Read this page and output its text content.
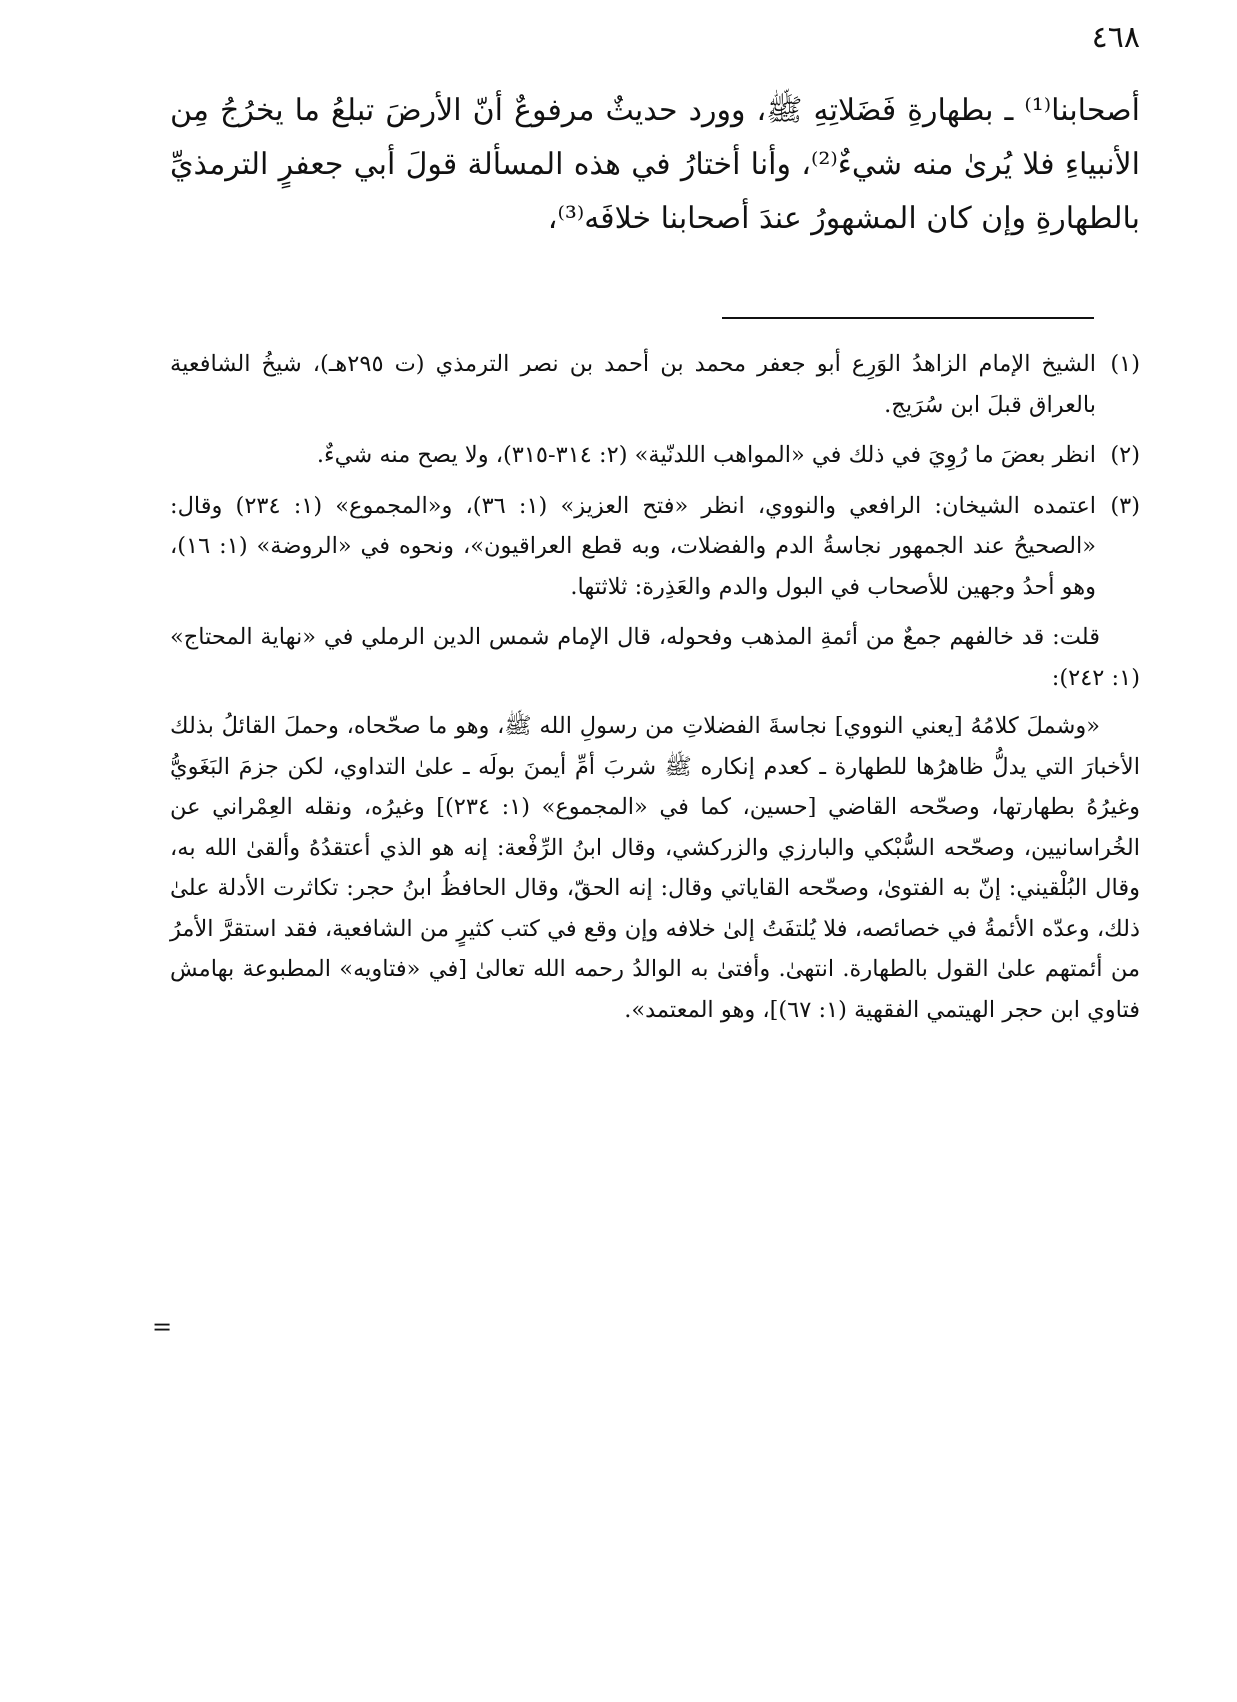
٤٦٨

أصحابنا⁽¹⁾ ـ بطهارةِ فَضَلاتِهِ ﷺ، وورد حديثٌ مرفوعٌ أنّ الأرضَ تبلعُ ما يخرُجُ مِن الأنبياءِ فلا يُرىٰ منه شيءٌ⁽²⁾، وأنا أختارُ في هذه المسألة قولَ أبي جعفرٍ الترمذيِّ بالطهارةِ وإن كان المشهورُ عندَ أصحابنا خلافَه⁽³⁾،

(١)
الشيخ الإمام الزاهدُ الوَرِع أبو جعفر محمد بن أحمد بن نصر الترمذي (ت ٢٩٥هـ)، شيخُ الشافعية بالعراق قبلَ ابن سُرَيج.
(٢)
انظر بعضَ ما رُوِيَ في ذلك في «المواهب اللدنّية» (٢: ٣١٤-٣١٥)، ولا يصح منه شيءٌ.
(٣)
اعتمده الشيخان: الرافعي والنووي، انظر «فتح العزيز» (١: ٣٦)، و«المجموع» (١: ٢٣٤) وقال: «الصحيحُ عند الجمهور نجاسةُ الدم والفضلات، وبه قطع العراقيون»، ونحوه في «الروضة» (١: ١٦)، وهو أحدُ وجهين للأصحاب في البول والدم والعَذِرة: ثلاثتها.

قلت: قد خالفهم جمعٌ من أئمةِ المذهب وفحوله، قال الإمام شمس الدين الرملي في «نهاية المحتاج» (١: ٢٤٢):

«وشملَ كلامُهُ [يعني النووي] نجاسةَ الفضلاتِ من رسولِ الله ﷺ، وهو ما صحّحاه، وحملَ القائلُ بذلك الأخبارَ التي يدلُّ ظاهرُها للطهارة ـ كعدم إنكاره ﷺ شربَ أمِّ أيمنَ بولَه ـ علىٰ التداوي، لكن جزمَ البَغَويُّ وغيرُهُ بطهارتها، وصحّحه القاضي [حسين، كما في «المجموع» (١: ٢٣٤)] وغيرُه، ونقله العِمْراني عن الخُراسانيين، وصحّحه السُّبْكي والبارزي والزركشي، وقال ابنُ الرِّفْعة: إنه هو الذي أعتقدُهُ وألقىٰ الله به، وقال البُلْقيني: إنّ به الفتوىٰ، وصحّحه القاياتي وقال: إنه الحقّ، وقال الحافظُ ابنُ حجر: تكاثرت الأدلة علىٰ ذلك، وعدّه الأئمةُ في خصائصه، فلا يُلتفَتُ إلىٰ خلافه وإن وقع في كتب كثيرٍ من الشافعية، فقد استقرَّ الأمرُ من أئمتهم علىٰ القول بالطهارة. انتهىٰ. وأفتىٰ به الوالدُ رحمه الله تعالىٰ [في «فتاويه» المطبوعة بهامش فتاوي ابن حجر الهيتمي الفقهية (١: ٦٧)]، وهو المعتمد».

=
